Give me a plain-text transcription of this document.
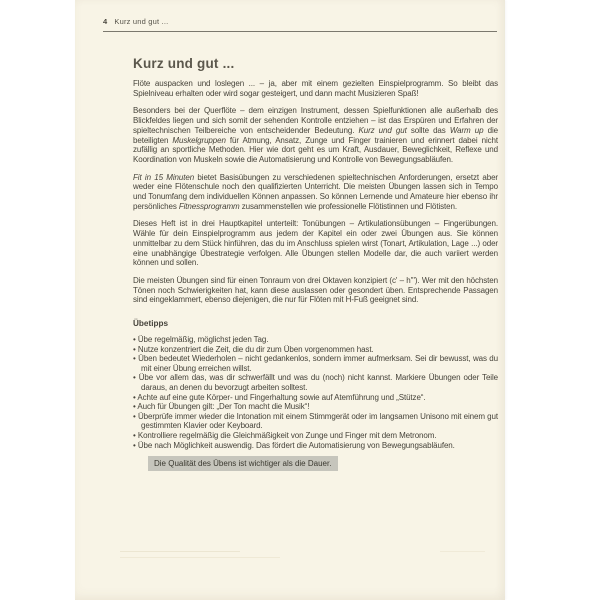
4 Kurz und gut ...
Kurz und gut ...

Flöte auspacken und loslegen ... – ja, aber mit einem gezielten Einspielprogramm. So bleibt das Spielniveau erhalten oder wird sogar gesteigert, und dann macht Musizieren Spaß!

Besonders bei der Querflöte – dem einzigen Instrument, dessen Spielfunktionen alle außerhalb des Blickfeldes liegen und sich somit der sehenden Kontrolle entziehen – ist das Erspüren und Erfahren der spieltechnischen Teilbereiche von entscheidender Bedeutung. Kurz und gut sollte das Warm up die beteiligten Muskelgruppen für Atmung, Ansatz, Zunge und Finger trainieren und erinnert dabei nicht zufällig an sportliche Methoden. Hier wie dort geht es um Kraft, Ausdauer, Beweglichkeit, Reflexe und Koordination von Muskeln sowie die Automatisierung und Kontrolle von Bewegungsabläufen.

Fit in 15 Minuten bietet Basisübungen zu verschiedenen spieltechnischen Anforderungen, ersetzt aber weder eine Flötenschule noch den qualifizierten Unterricht. Die meisten Übungen lassen sich in Tempo und Tonumfang dem individuellen Können anpassen. So können Lernende und Amateure hier ebenso ihr persönliches Fitnessprogramm zusammenstellen wie professionelle Flötistinnen und Flötisten.

Dieses Heft ist in drei Hauptkapitel unterteilt: Tonübungen – Artikulationsübungen – Fingerübungen. Wähle für dein Einspielprogramm aus jedem der Kapitel ein oder zwei Übungen aus. Sie können unmittelbar zu dem Stück hinführen, das du im Anschluss spielen wirst (Tonart, Artikulation, Lage ...) oder eine unabhängige Übestrategie verfolgen. Alle Übungen stellen Modelle dar, die auch variiert werden können und sollen.

Die meisten Übungen sind für einen Tonraum von drei Oktaven konzipiert (c' – h'''). Wer mit den höchsten Tönen noch Schwierigkeiten hat, kann diese auslassen oder gesondert üben. Entsprechende Passagen sind eingeklammert, ebenso diejenigen, die nur für Flöten mit H-Fuß geeignet sind.

Übetipps
• Übe regelmäßig, möglichst jeden Tag.
• Nutze konzentriert die Zeit, die du dir zum Üben vorgenommen hast.
• Üben bedeutet Wiederholen – nicht gedankenlos, sondern immer aufmerksam. Sei dir bewusst, was du mit einer Übung erreichen willst.
• Übe vor allem das, was dir schwerfällt und was du (noch) nicht kannst. Markiere Übungen oder Teile daraus, an denen du bevorzugt arbeiten solltest.
• Achte auf eine gute Körper- und Fingerhaltung sowie auf Atemführung und „Stütze“.
• Auch für Übungen gilt: „Der Ton macht die Musik“!
• Überprüfe immer wieder die Intonation mit einem Stimmgerät oder im langsamen Unisono mit einem gut gestimmten Klavier oder Keyboard.
• Kontrolliere regelmäßig die Gleichmäßigkeit von Zunge und Finger mit dem Metronom.
• Übe nach Möglichkeit auswendig. Das fördert die Automatisierung von Bewegungsabläufen.
Die Qualität des Übens ist wichtiger als die Dauer.
